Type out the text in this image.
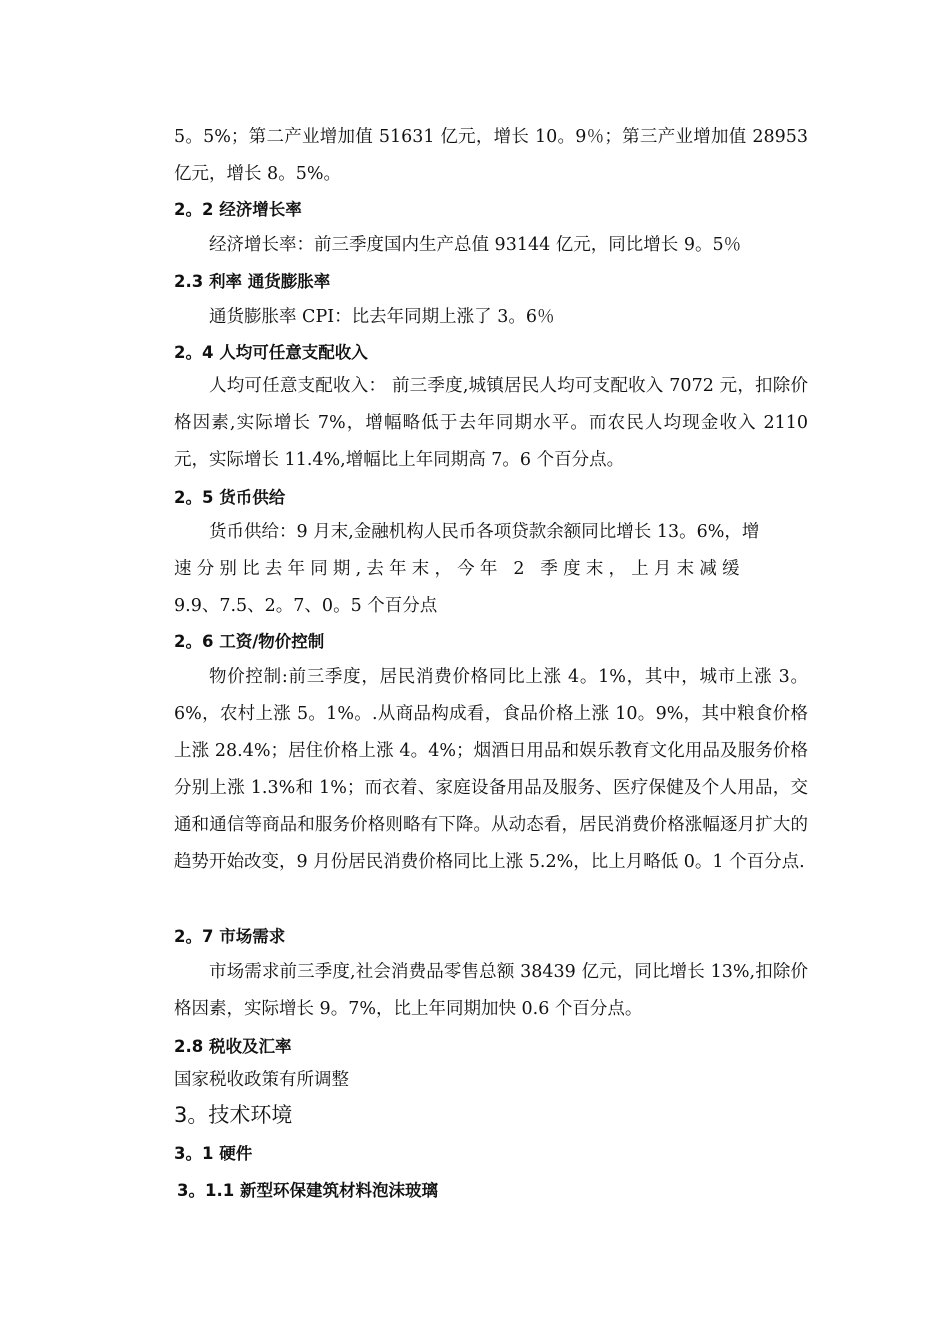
5。5%；第二产业增加值 51631 亿元，增长 10。9％；第三产业增加值 28953 亿元，增长 8。5%。
2。2 经济增长率
经济增长率：前三季度国内生产总值 93144 亿元，同比增长 9。5％
2.3 利率 通货膨胀率
通货膨胀率 CPI：比去年同期上涨了 3。6％
2。4 人均可任意支配收入
人均可任意支配收入： 前三季度,城镇居民人均可支配收入 7072 元，扣除价格因素,实际增长 7%，增幅略低于去年同期水平。而农民人均现金收入 2110 元，实际增长 11.4%,增幅比上年同期高 7。6 个百分点。
2。5 货币供给
货币供给：9 月末,金融机构人民币各项贷款余额同比增长 13。6%，增
速分别比去年同期,去年末，今年 2 季度末，上月末减缓
9.9、7.5、2。7、0。5 个百分点
2。6 工资/物价控制
物价控制:前三季度，居民消费价格同比上涨 4。1%，其中，城市上涨 3。6%，农村上涨 5。1%。.从商品构成看，食品价格上涨 10。9%，其中粮食价格上涨 28.4%；居住价格上涨 4。4%；烟酒日用品和娱乐教育文化用品及服务价格分别上涨 1.3%和 1%；而衣着、家庭设备用品及服务、医疗保健及个人用品，交通和通信等商品和服务价格则略有下降。从动态看，居民消费价格涨幅逐月扩大的趋势开始改变，9 月份居民消费价格同比上涨 5.2%，比上月略低 0。1 个百分点.
2。7 市场需求
市场需求前三季度,社会消费品零售总额 38439 亿元，同比增长 13%,扣除价格因素，实际增长 9。7%，比上年同期加快 0.6 个百分点。
2.8 税收及汇率
国家税收政策有所调整
3。技术环境
3。1 硬件
3。1.1 新型环保建筑材料泡沫玻璃
